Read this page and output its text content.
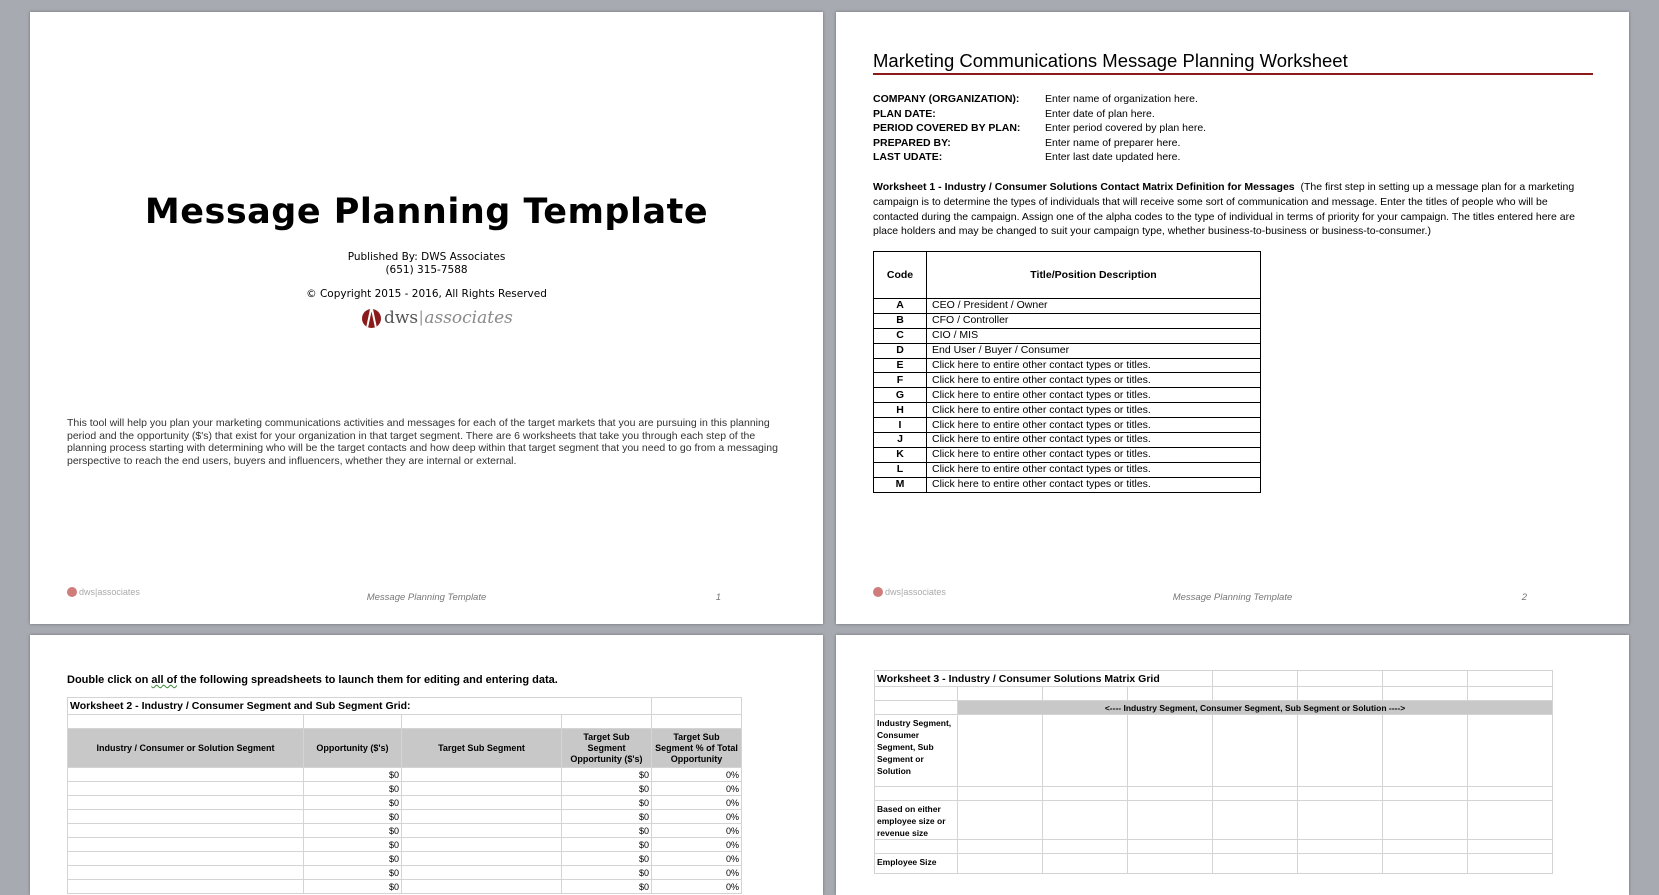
Message Planning Template
Published By: DWS Associates
(651) 315-7588
© Copyright 2015 - 2016, All Rights Reserved
dws | associates
This tool will help you plan your marketing communications activities and messages for each of the target markets that you are pursuing in this planning period and the opportunity ($'s) that exist for your organization in that target segment. There are 6 worksheets that take you through each step of the planning process starting with determining who will be the target contacts and how deep within that target segment that you need to go from a messaging perspective to reach the end users, buyers and influencers, whether they are internal or external.
dws|associates	Message Planning Template	1
Marketing Communications Message Planning Worksheet
COMPANY (ORGANIZATION):	Enter name of organization here.
PLAN DATE:	Enter date of plan here.
PERIOD COVERED BY PLAN:	Enter period covered by plan here.
PREPARED BY:	Enter name of preparer here.
LAST UDATE:	Enter last date updated here.
Worksheet 1 - Industry / Consumer Solutions Contact Matrix Definition for Messages (The first step in setting up a message plan for a marketing campaign is to determine the types of individuals that will receive some sort of communication and message. Enter the titles of people who will be contacted during the campaign. Assign one of the alpha codes to the type of individual in terms of priority for your campaign. The titles entered here are place holders and may be changed to suit your campaign type, whether business-to-business or business-to-consumer.)
Code	Title/Position Description
A	CEO / President / Owner
B	CFO / Controller
C	CIO / MIS
D	End User / Buyer / Consumer
E	Click here to entire other contact types or titles.
F	Click here to entire other contact types or titles.
G	Click here to entire other contact types or titles.
H	Click here to entire other contact types or titles.
I	Click here to entire other contact types or titles.
J	Click here to entire other contact types or titles.
K	Click here to entire other contact types or titles.
L	Click here to entire other contact types or titles.
M	Click here to entire other contact types or titles.
dws|associates	Message Planning Template	2
Double click on all of the following spreadsheets to launch them for editing and entering data.
Worksheet 2 - Industry / Consumer Segment and Sub Segment Grid:				

Industry / Consumer or Solution Segment	Opportunity ($'s)	Target Sub Segment	Target Sub Segment Opportunity ($'s)	Target Sub Segment % of Total Opportunity
	$0		$0	0%
	$0		$0	0%
	$0		$0	0%
	$0		$0	0%
	$0		$0	0%
	$0		$0	0%
	$0		$0	0%
	$0		$0	0%
	$0		$0	0%
Worksheet 3 - Industry / Consumer Solutions Matrix Grid							

	<---- Industry Segment, Consumer Segment, Sub Segment or Solution ---->						
Industry Segment, Consumer Segment, Sub Segment or Solution							

Based on either employee size or revenue size							

Employee Size							
